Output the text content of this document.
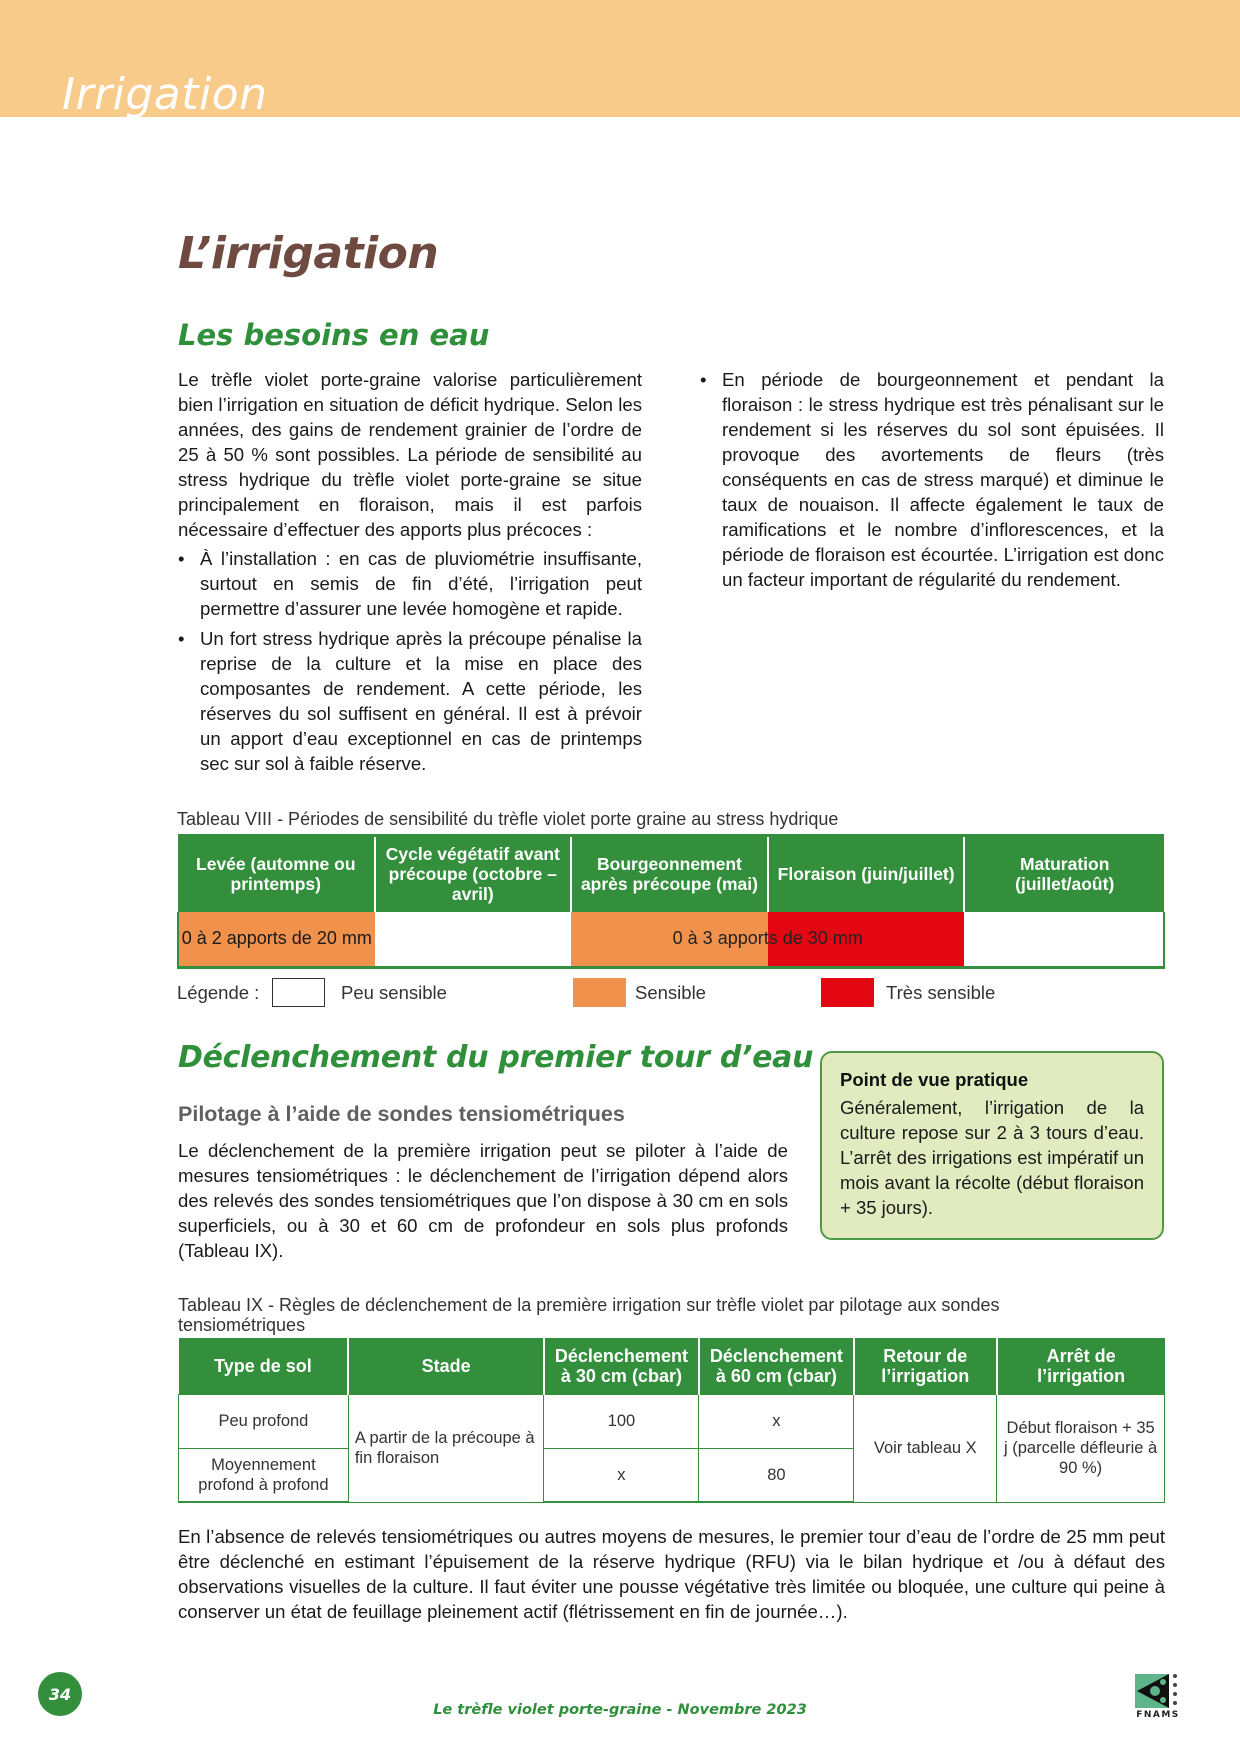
Irrigation
L’irrigation
Les besoins en eau

Le trèfle violet porte-graine valorise particulièrement bien l’irrigation en situation de déficit hydrique. Selon les années, des gains de rendement grainier de l’ordre de 25 à 50 % sont possibles. La période de sensibilité au stress hydrique du trèfle violet porte-graine se situe principalement en floraison, mais il est parfois nécessaire d’effectuer des apports plus précoces :

• À l’installation : en cas de pluviométrie insuffisante, surtout en semis de fin d’été, l’irrigation peut permettre d’assurer une levée homogène et rapide.
• Un fort stress hydrique après la précoupe pénalise la reprise de la culture et la mise en place des composantes de rendement. A cette période, les réserves du sol suffisent en général. Il est à prévoir un apport d’eau exceptionnel en cas de printemps sec sur sol à faible réserve.
• En période de bourgeonnement et pendant la floraison : le stress hydrique est très pénalisant sur le rendement si les réserves du sol sont épuisées. Il provoque des avortements de fleurs (très conséquents en cas de stress marqué) et diminue le taux de nouaison. Il affecte également le taux de ramifications et le nombre d’inflorescences, et la période de floraison est écourtée. L’irrigation est donc un facteur important de régularité du rendement.
Tableau VIII - Périodes de sensibilité du trèfle violet porte graine au stress hydrique
Levée (automne ou printemps)	Cycle végétatif avant précoupe (octobre – avril)	Bourgeonnement après précoupe (mai)	Floraison (juin/juillet)	Maturation (juillet/août)
0 à 2 apports de 20 mm		0 à 3 apports de 30 mm		

Légende :	Peu sensible	Sensible	Très sensible
Déclenchement du premier tour d’eau
Pilotage à l’aide de sondes tensiométriques

Le déclenchement de la première irrigation peut se piloter à l’aide de mesures tensiométriques : le déclenchement de l’irrigation dépend alors des relevés des sondes tensiométriques que l’on dispose à 30 cm en sols superficiels, ou à 30 et 60 cm de profondeur en sols plus profonds (Tableau IX).

Point de vue pratique
Généralement, l’irrigation de la culture repose sur 2 à 3 tours d’eau. L’arrêt des irrigations est impératif un mois avant la récolte (début floraison + 35 jours).
Tableau IX - Règles de déclenchement de la première irrigation sur trèfle violet par pilotage aux sondes tensiométriques
Type de sol	Stade	Déclenchement à 30 cm (cbar)	Déclenchement à 60 cm (cbar)	Retour de l’irrigation	Arrêt de l’irrigation
Peu profond	A partir de la précoupe à fin floraison	100	x	Voir tableau X	Début floraison + 35 j (parcelle défleurie à 90 %)
Moyennement profond à profond		x	80		

En l’absence de relevés tensiométriques ou autres moyens de mesures, le premier tour d’eau de l’ordre de 25 mm peut être déclenché en estimant l’épuisement de la réserve hydrique (RFU) via le bilan hydrique et /ou à défaut des observations visuelles de la culture. Il faut éviter une pousse végétative très limitée ou bloquée, une culture qui peine à conserver un état de feuillage pleinement actif (flétrissement en fin de journée…).

34
Le trèfle violet porte-graine - Novembre 2023	FNAMS
